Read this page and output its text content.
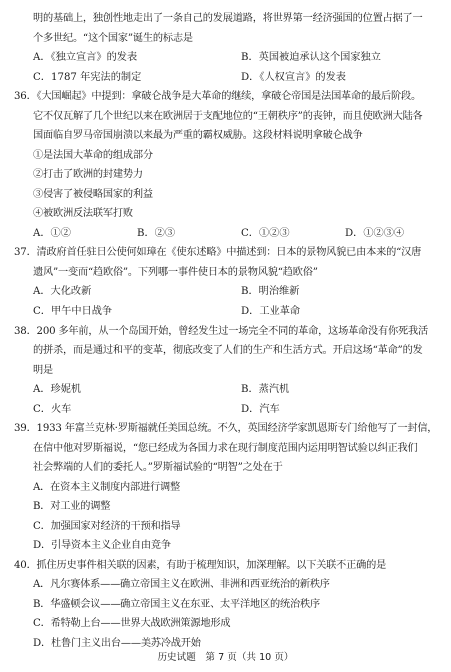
明的基础上，独创性地走出了一条自己的发展道路，将世界第一经济强国的位置占据了一
个多世纪。“这个国家”诞生的标志是
A．《独立宣言》的发表	B．英国被迫承认这个国家独立
C．1787 年宪法的制定	D．《人权宣言》的发表
36．《大国崛起》中提到：拿破仑战争是大革命的继续，拿破仑帝国是法国革命的最后阶段。
它不仅瓦解了几个世纪以来在欧洲居于支配地位的“王朝秩序”的丧钟，而且使欧洲大陆各
国面临自罗马帝国崩溃以来最为严重的霸权威胁。这段材料说明拿破仑战争
①是法国大革命的组成部分
②打击了欧洲的封建势力
③侵害了被侵略国家的利益
④被欧洲反法联军打败
A．①②	B．②③	C．①②③	D．①②③④
37．清政府首任驻日公使何如璋在《使东述略》中描述到：日本的景物风貌已由本来的“汉唐
遗风”一变而“趋欧俗”。下列哪一事件使日本的景物风貌“趋欧俗”
A．大化改新	B．明治维新
C．甲午中日战争	D．工业革命
38．200 多年前，从一个岛国开始，曾经发生过一场完全不同的革命，这场革命没有你死我活
的拼杀，而是通过和平的变革，彻底改变了人们的生产和生活方式。开启这场“革命”的发
明是
A．珍妮机	B．蒸汽机
C．火车	D．汽车
39．1933 年富兰克林·罗斯福就任美国总统。不久，英国经济学家凯恩斯专门给他写了一封信，
在信中他对罗斯福说，“您已经成为各国力求在现行制度范围内运用明智试验以纠正我们
社会弊端的人们的委托人。”罗斯福试验的“明智”之处在于
A．在资本主义制度内部进行调整
B．对工业的调整
C．加强国家对经济的干预和指导
D．引导资本主义企业自由竞争
40．抓住历史事件相关联的因素，有助于梳理知识，加深理解。以下关联不正确的是
A．凡尔赛体系——确立帝国主义在欧洲、非洲和西亚统治的新秩序
B．华盛顿会议——确立帝国主义在东亚、太平洋地区的统治秩序
C．希特勒上台——世界大战欧洲策源地形成
D．杜鲁门主义出台——美苏冷战开始
历史试题　第 7 页（共 10 页）
